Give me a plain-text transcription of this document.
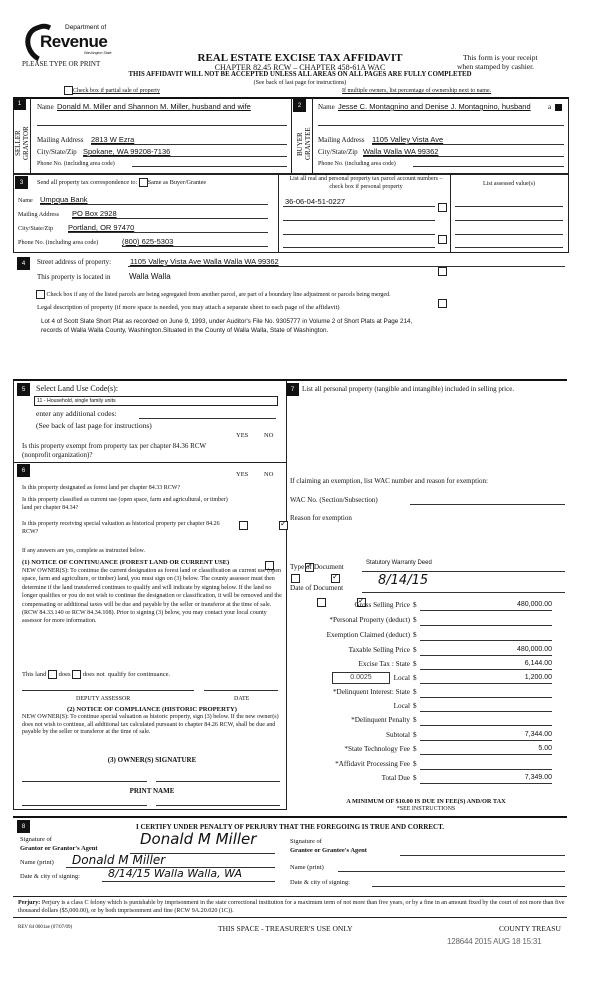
Department of
Revenue
Washington State
PLEASE TYPE OR PRINT	REAL ESTATE EXCISE TAX AFFIDAVIT
CHAPTER 82.45 RCW – CHAPTER 458-61A WAC
This form is your receipt
when stamped by cashier.
THIS AFFIDAVIT WILL NOT BE ACCEPTED UNLESS ALL AREAS ON ALL PAGES ARE FULLY COMPLETED
(See back of last page for instructions)
Check box if partial sale of property	If multiple owners, list percentage of ownership next to name.
1
SELLER GRANTOR
Name Donald M. Miller and Shannon M. Miller, husband and wife
Mailing Address 2813 W Ezra
City/State/Zip Spokane, WA 99208-7136
Phone No. (including area code)
2
BUYER GRANTEE
Name Jesse C. Montagnino and Denise J. Montagnino, husband a
Mailing Address 1105 Valley Vista Ave
City/State/Zip Walla Walla WA 99362
Phone No. (including area code)
3	Send all property tax correspondence to: Same as Buyer/Grantee
Name Umpqua Bank
Mailing Address PO Box 2928
City/State/Zip Portland, OR 97470
Phone No. (including area code)	(800) 625-5303
List all real and personal property tax parcel account numbers – check box if personal property	List assessed value(s)
36-06-04-51-0227
4	Street address of property:	1105 Valley Vista Ave Walla Walla WA 99362
This property is located in Walla Walla
Check box if any of the listed parcels are being segregated from another parcel, are part of a boundary line adjustment or parcels being merged.
Legal description of property (if more space is needed, you may attach a separate sheet to each page of the affidavit)
Lot 4 of Scott Slate Short Plat as recorded on June 9, 1993, under Auditor's File No. 9305777 in Volume 2 of Short Plats at Page 214,
records of Walla Walla County, Washington.Situated in the County of Walla Walla, State of Washington.
5	Select Land Use Code(s):
11 - Household, single family units
enter any additional codes:
(See back of last page for instructions)
YES NO
Is this property exempt from property tax per chapter 84.36 RCW (nonprofit organization)?
✓
6
YES NO
Is this property designated as forest land per chapter 84.33 RCW?
✓
Is this property classified as current use (open space, farm and agricultural, or timber) land per chapter 84.34?
✓
Is this property receiving special valuation as historical property per chapter 84.26 RCW?
✓
If any answers are yes, complete as instructed below.
(1) NOTICE OF CONTINUANCE (FOREST LAND OR CURRENT USE)
NEW OWNER(S): To continue the current designation as forest land or classification as current use (open space, farm and agriculture, or timber) land, you must sign on (3) below. The county assessor must then determine if the land transferred continues to qualify and will indicate by signing below. If the land no longer qualifies or you do not wish to continue the designation or classification, it will be removed and the compensating or additional taxes will be due and payable by the seller or transferor at the time of sale. (RCW 84.33.140 or RCW 84.34.108). Prior to signing (3) below, you may contact your local county assessor for more information.
This land does does not qualify for continuance.
DEPUTY ASSESSOR	DATE
(2) NOTICE OF COMPLIANCE (HISTORIC PROPERTY)
NEW OWNER(S): To continue special valuation as historic property, sign (3) below. If the new owner(s) does not wish to continue, all additional tax calculated pursuant to chapter 84.26 RCW, shall be due and payable by the seller or transferor at the time of sale.
(3) OWNER(S) SIGNATURE
PRINT NAME
7	List all personal property (tangible and intangible) included in selling price.
If claiming an exemption, list WAC number and reason for exemption:
WAC No. (Section/Subsection)
Reason for exemption
Type of Document	Statutory Warranty Deed
Date of Document	8/14/15
Gross Selling Price $	480,000.00
*Personal Property (deduct) $
Exemption Claimed (deduct) $
Taxable Selling Price $	480,000.00
Excise Tax : State $	6,144.00
0.0025	Local $	1,200.00
*Delinquent Interest: State $
Local $
*Delinquent Penalty $
Subtotal $	7,344.00
*State Technology Fee $	5.00
*Affidavit Processing Fee $
Total Due $	7,349.00
A MINIMUM OF $10.00 IS DUE IN FEE(S) AND/OR TAX
*SEE INSTRUCTIONS
8	I CERTIFY UNDER PENALTY OF PERJURY THAT THE FOREGOING IS TRUE AND CORRECT.
Signature of
Grantor or Grantor's Agent
Donald M Miller
Name (print) Donald M Miller
Date & city of signing:	8/14/15 Walla Walla, WA
Signature of
Grantee or Grantee's Agent
Name (print)
Date & city of signing:
Perjury: Perjury is a class C felony which is punishable by imprisonment in the state correctional institution for a maximum term of not more than five years, or by a fine in an amount fixed by the court of not more than five thousand dollars ($5,000.00), or by both imprisonment and fine (RCW 9A.20.020 (1C)).
REV 84 0001ae (07/07/09)	THIS SPACE - TREASURER'S USE ONLY	COUNTY TREASU
128644 2015 AUG 18 15:31
